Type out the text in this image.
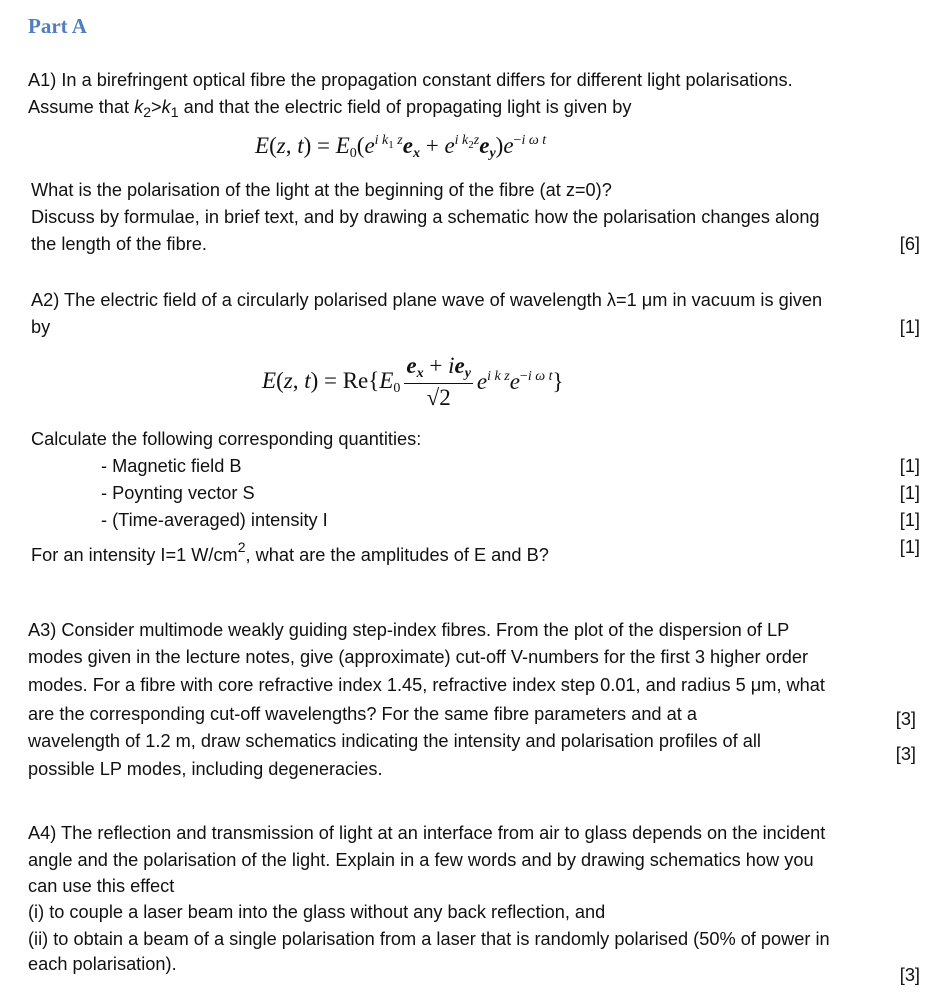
Part A
A1) In a birefringent optical fibre the propagation constant differs for different light polarisations.
Assume that $k_2>k_1$ and that the electric field of propagating light is given by
E(z, $t) = E_0(e^{i k_1 z}e_x + e^{i k_2z}e_y)e^{-i \omega t}$
What is the polarisation of the light at the beginning of the fibre (at z=0)?
Discuss by formulae, in brief text, and by drawing a schematic how the polarisation changes along
the length of the fibre.	[6]
A2) The electric field of a circularly polarised plane wave of wavelength λ=1 μm in vacuum is given
by	[1]
E(z, $t) = Re\{E_0 \frac{e_x + ie_y}{√2} e^{i k z}e^{-i \omega t}\}$
Calculate the following corresponding quantities:
- Magnetic field B	[1]
- Poynting vector S	[1]
- (Time-averaged) intensity I	[1]
For an intensity I=1 $W/cm^2$, what are the amplitudes of E and B?	[1]
A3) Consider multimode weakly guiding step-index fibres. From the plot of the dispersion of LP
modes given in the lecture notes, give (approximate) cut-off V-numbers for the first 3 higher order
modes. For a fibre with core refractive index 1.45, refractive index step 0.01, and radius 5 μm, what
are the corresponding cut-off wavelengths? For the same fibre parameters and at a	[3]
wavelength of 1.2 m, draw schematics indicating the intensity and polarisation profiles of all
[3]
possible LP modes, including degeneracies.
A4) The reflection and transmission of light at an interface from air to glass depends on the incident
angle and the polarisation of the light. Explain in a few words and by drawing schematics how you
can use this effect
(i) to couple a laser beam into the glass without any back reflection, and
(ii) to obtain a beam of a single polarisation from a laser that is randomly polarised (50% of power in
each polarisation).
[3]
